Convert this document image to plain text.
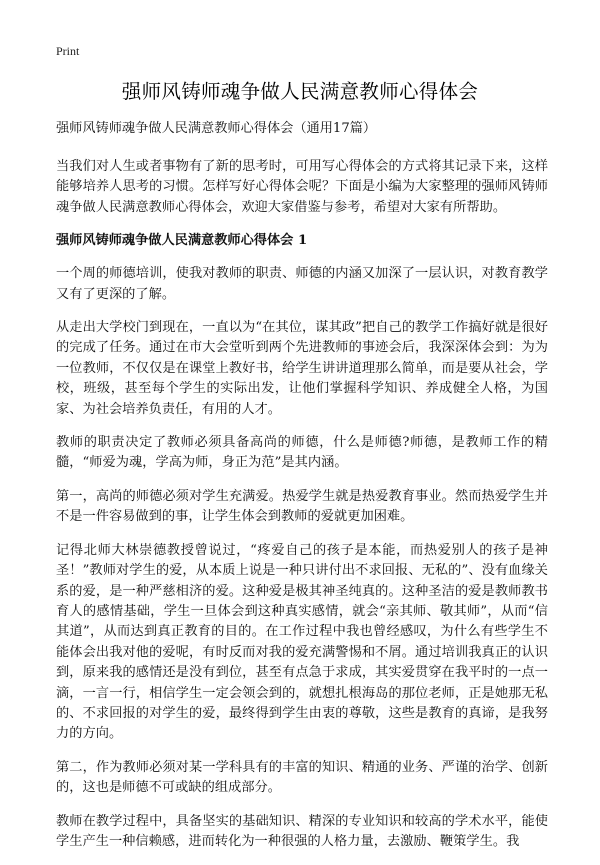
Print
强师风铸师魂争做人民满意教师心得体会

强师风铸师魂争做人民满意教师心得体会（通用17篇）

当我们对人生或者事物有了新的思考时，可用写心得体会的方式将其记录下来，这样能够培养人思考的习惯。怎样写好心得体会呢？下面是小编为大家整理的强师风铸师魂争做人民满意教师心得体会，欢迎大家借鉴与参考，希望对大家有所帮助。

强师风铸师魂争做人民满意教师心得体会 1

一个周的师德培训，使我对教师的职责、师德的内涵又加深了一层认识，对教育教学又有了更深的了解。

从走出大学校门到现在，一直以为“在其位，谋其政”把自己的教学工作搞好就是很好的完成了任务。通过在市大会堂听到两个先进教师的事迹会后，我深深体会到：为为一位教师，不仅仅是在课堂上教好书，给学生讲讲道理那么简单，而是要从社会，学校，班级，甚至每个学生的实际出发，让他们掌握科学知识、养成健全人格，为国家、为社会培养负责任，有用的人才。

教师的职责决定了教师必须具备高尚的师德，什么是师德?师德，是教师工作的精髓，“师爱为魂，学高为师，身正为范”是其内涵。

第一，高尚的师德必须对学生充满爱。热爱学生就是热爱教育事业。然而热爱学生并不是一件容易做到的事，让学生体会到教师的爱就更加困难。

记得北师大林崇德教授曾说过，“疼爱自己的孩子是本能，而热爱别人的孩子是神圣！”教师对学生的爱，从本质上说是一种只讲付出不求回报、无私的”、没有血缘关系的爱，是一种严慈相济的爱。这种爱是极其神圣纯真的。这种圣洁的爱是教师教书育人的感情基础，学生一旦体会到这种真实感情，就会“亲其师、敬其师”，从而“信其道”，从而达到真正教育的目的。在工作过程中我也曾经感叹，为什么有些学生不能体会出我对他的爱呢，有时反而对我的爱充满警惕和不屑。通过培训我真正的认识到，原来我的感情还是没有到位，甚至有点急于求成，其实爱贯穿在我平时的一点一滴，一言一行，相信学生一定会领会到的，就想扎根海岛的那位老师，正是她那无私的、不求回报的对学生的爱，最终得到学生由衷的尊敬，这些是教育的真谛，是我努力的方向。

第二，作为教师必须对某一学科具有的丰富的知识、精通的业务、严谨的治学、创新的，这也是师德不可或缺的组成部分。

教师在教学过程中，具备坚实的基础知识、精深的专业知识和较高的学术水平，能使学生产生一种信赖感，进而转化为一种很强的人格力量，去激励、鞭策学生。我
